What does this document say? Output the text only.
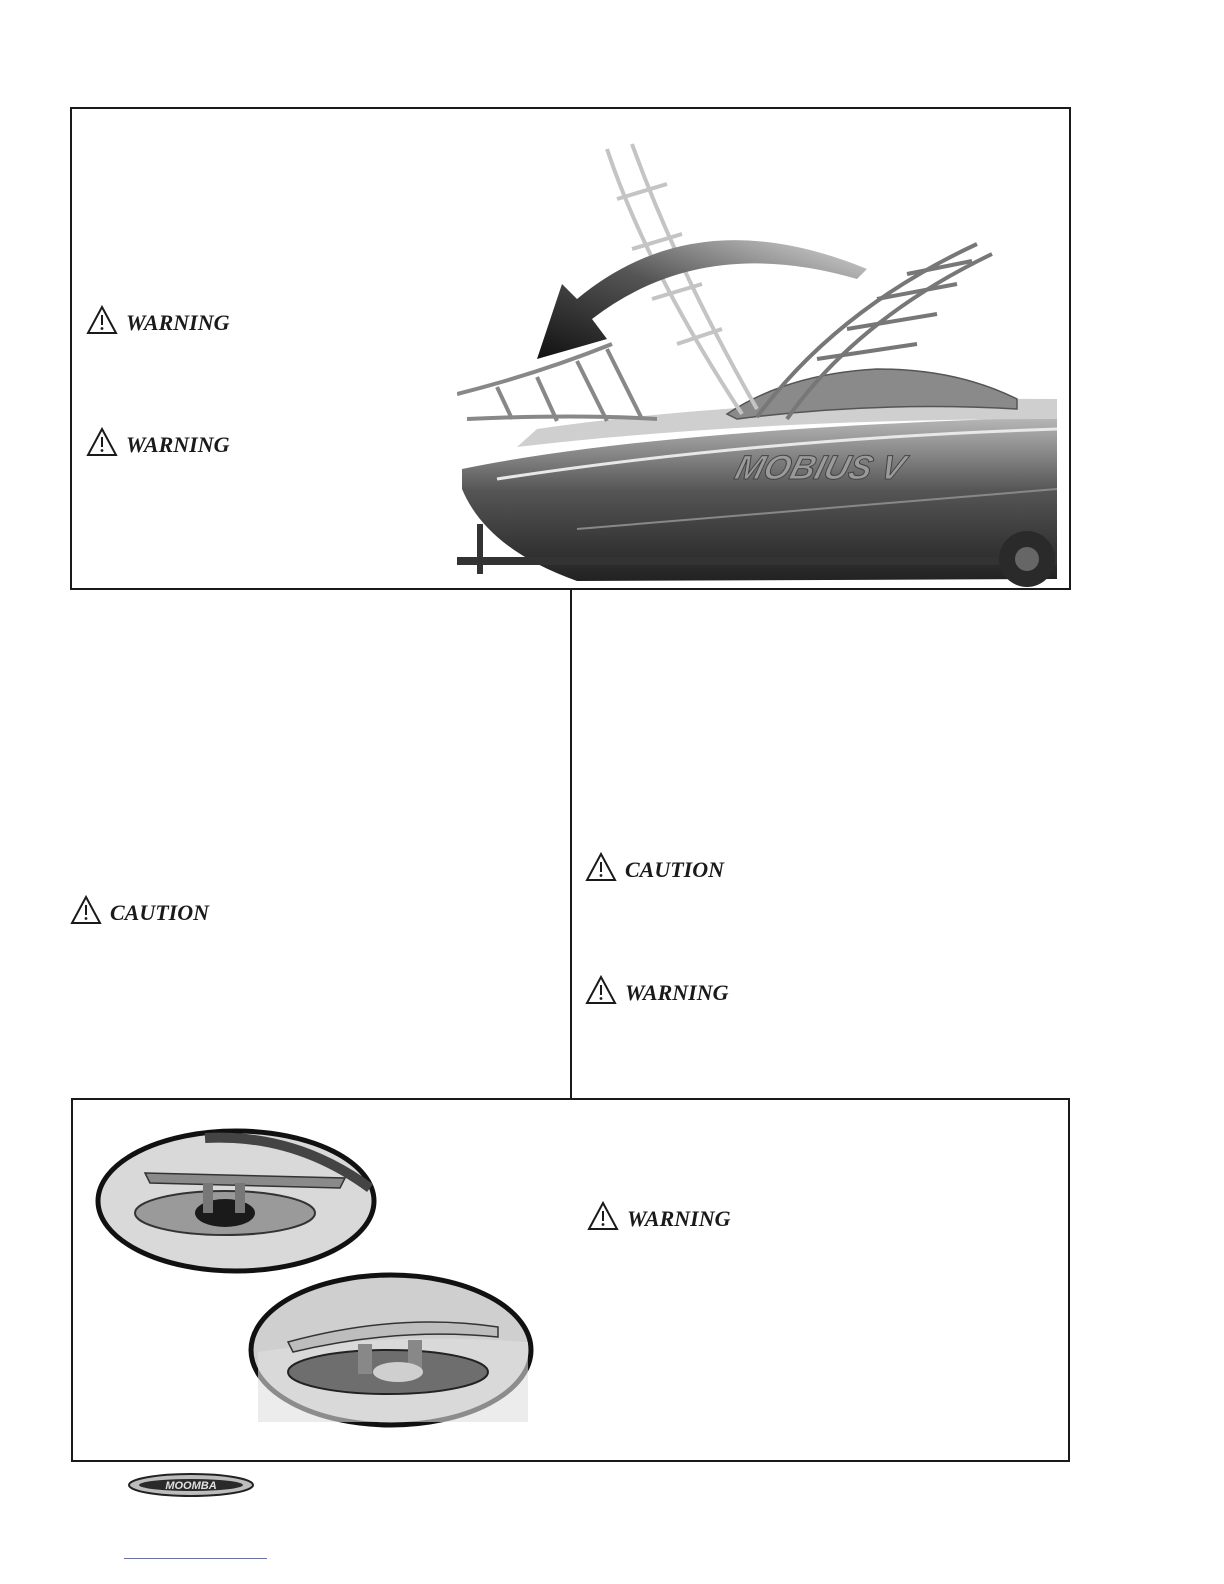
WARNING
WARNING
MOBIUS V
CAUTION
CAUTION
WARNING
WARNING
MOOMBA
